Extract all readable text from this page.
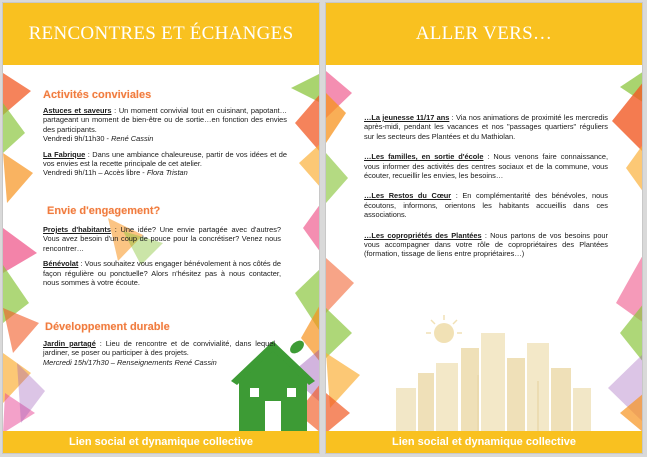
RENCONTRES ET ÉCHANGES
Activités conviviales

Astuces et saveurs : Un moment convivial tout en cuisinant, papotant…partageant un moment de bien-être ou de sortie…en fonction des envies des participants.
Vendredi 9h/11h30 - René Cassin

La Fabrique : Dans une ambiance chaleureuse, partir de vos idées et de vos envies est la recette principale de cet atelier.
Vendredi 9h/11h – Accès libre - Flora Tristan

Envie d'engagement?

Projets d'habitants : Une idée? Une envie partagée avec d'autres? Vous avez besoin d'un coup de pouce pour la concrétiser? Venez nous rencontrer…

Bénévolat : Vous souhaitez vous engager bénévolement à nos côtés de façon régulière ou ponctuelle? Alors n'hésitez pas à nous contacter, nous sommes à votre écoute.

Développement durable

Jardin partagé : Lieu de rencontre et de convivialité, dans lequel jardiner, se poser ou participer à des projets.
Mercredi 15h/17h30 – Renseignements René Cassin

Lien social et dynamique collective
ALLER VERS…

…La jeunesse 11/17 ans : Via nos animations de proximité les mercredis après-midi, pendant les vacances et nos "passages quartiers" réguliers sur les secteurs des Plantées et du Mathiolan.

…Les familles, en sortie d'école : Nous venons faire connaissance, vous informer des activités des centres sociaux et de la commune, vous écouter, recueillir les envies, les besoins…

…Les Restos du Cœur : En complémentarité des bénévoles, nous écoutons, informons, orientons les habitants accueillis dans ces associations.

…Les copropriétés des Plantées : Nous partons de vos besoins pour vous accompagner dans votre rôle de copropriétaires des Plantées (formation, tissage de liens entre propriétaires…)

Lien social et dynamique collective
